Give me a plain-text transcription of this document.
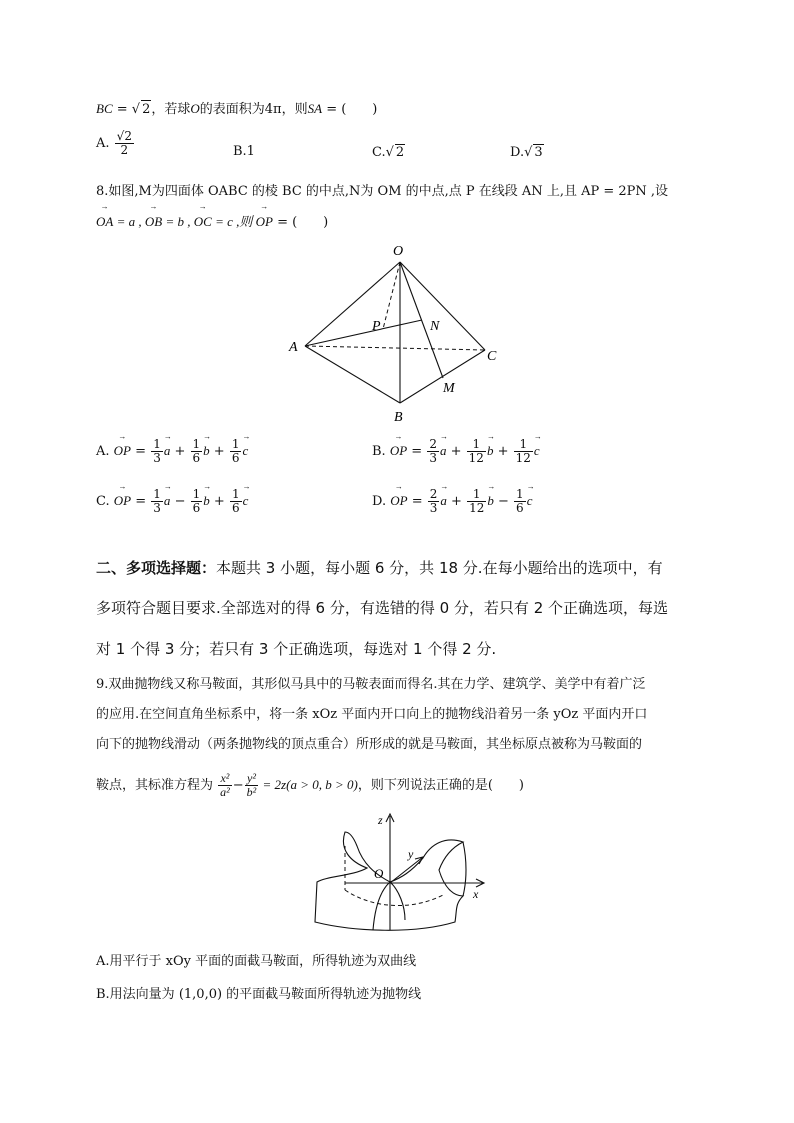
BC = √ 2，若球O的表面积为4π，则SA = (　　)
A. $\frac{√2}{2}$	B.1	C.√ 2	D.√ 3
8.如图,M为四面体 OABC 的棱 BC 的中点,N为 OM 的中点,点 P 在线段 AN 上,且 AP = 2PN ,设
→ OA = a , → OB = b , → OC = c ,则 → OP = (　　)
O
A
B
C
M
N
P
A. → OP = $\frac{1}{3}$
→ $a + \frac{1}{6}$
→ $b + \frac{1}{6}$
→ c	B. → OP = $\frac{2}{3}$
→ $a + \frac{1}{12}$
→ $b + \frac{1}{12}$
→ c
C. → OP = $\frac{1}{3}$
→ $a - \frac{1}{6}$
→ $b + \frac{1}{6}$
→ c	D. → OP = $\frac{2}{3}$
→ $a + \frac{1}{12}$
→ $b - \frac{1}{6}$
→ c
二、多项选择题：本题共 3 小题，每小题 6 分，共 18 分.在每小题给出的选项中，有
多项符合题目要求.全部选对的得 6 分，有选错的得 0 分，若只有 2 个正确选项，每选
对 1 个得 3 分；若只有 3 个正确选项，每选对 1 个得 2 分.
9.双曲抛物线又称马鞍面，其形似马具中的马鞍表面而得名.其在力学、建筑学、美学中有着广泛
的应用.在空间直角坐标系中，将一条 xOz 平面内开口向上的抛物线沿着另一条 yOz 平面内开口
向下的抛物线滑动（两条抛物线的顶点重合）所形成的就是马鞍面，其坐标原点被称为马鞍面的
鞍点，其标准方程为 $\frac{\text{x²}}{\text{a²}} - \frac{\text{y²}}{\text{b²}} = 2z(a > 0$, b > 0)，则下列说法正确的是(　　)
z
y
x
O
A.用平行于 xOy 平面的面截马鞍面，所得轨迹为双曲线
B.用法向量为 (1,0,0) 的平面截马鞍面所得轨迹为抛物线
